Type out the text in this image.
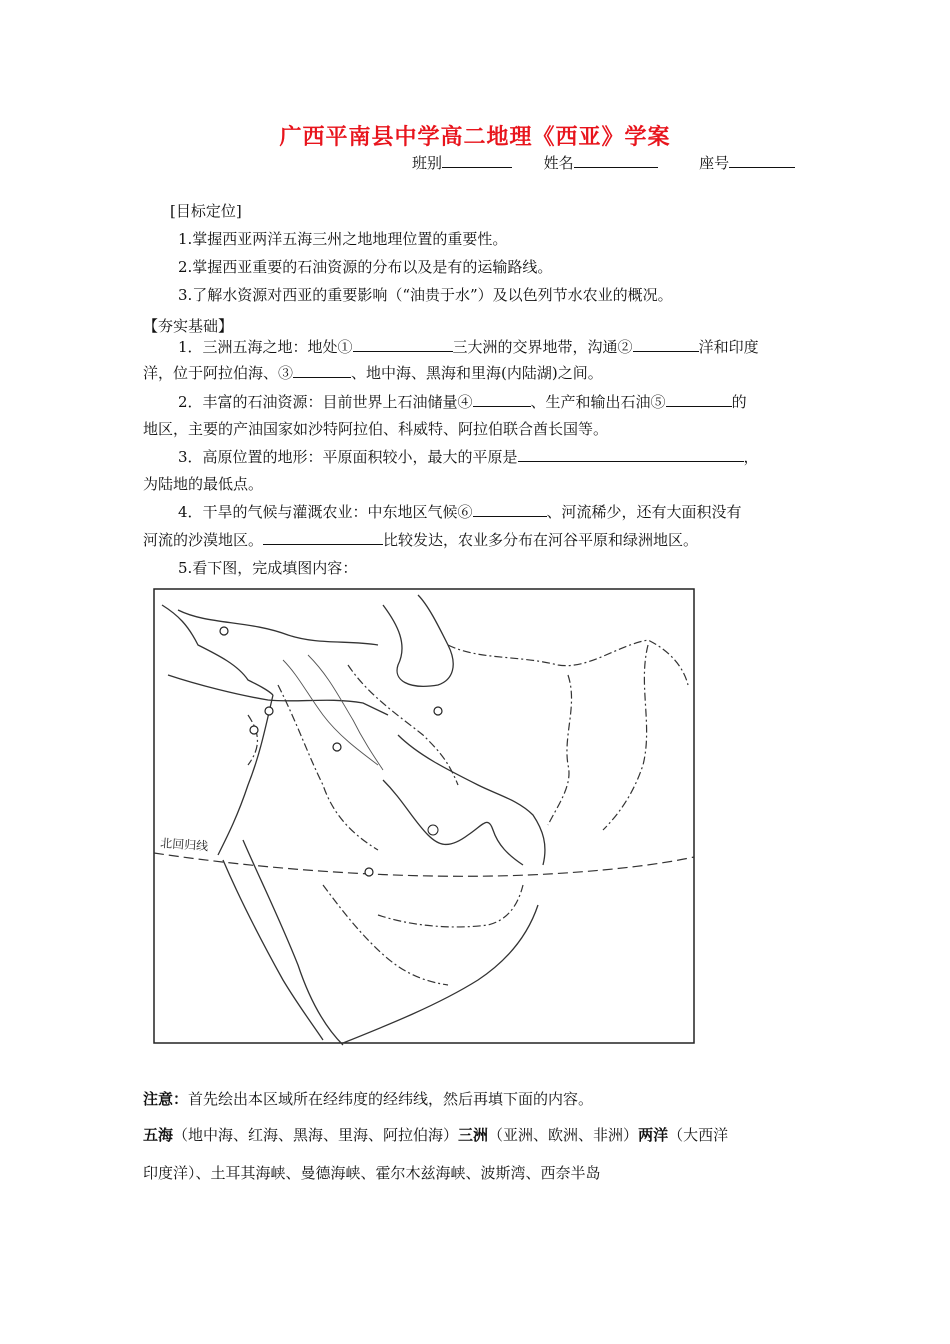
广西平南县中学高二地理《西亚》学案
班别	姓名	座号
[目标定位]
1.掌握西亚两洋五海三州之地地理位置的重要性。
2.掌握西亚重要的石油资源的分布以及是有的运输路线。
3.了解水资源对西亚的重要影响（“油贵于水”）及以色列节水农业的概况。
【夯实基础】
1．三洲五海之地：地处①	三大洲的交界地带，沟通②	洋和印度
洋，位于阿拉伯海、③	、地中海、黑海和里海(内陆湖)之间。
2．丰富的石油资源：目前世界上石油储量④	、生产和输出石油⑤	的
地区，主要的产油国家如沙特阿拉伯、科威特、阿拉伯联合酋长国等。
3．高原位置的地形：平原面积较小，最大的平原是	，
为陆地的最低点。
4．干旱的气候与灌溉农业：中东地区气候⑥	、河流稀少，还有大面积没有
河流的沙漠地区。	比较发达，农业多分布在河谷平原和绿洲地区。
5.看下图，完成填图内容：
北回归线
注意：首先绘出本区域所在经纬度的经纬线，然后再填下面的内容。
五海（地中海、红海、黑海、里海、阿拉伯海）三洲（亚洲、欧洲、非洲）两洋（大西洋
印度洋）、土耳其海峡、曼德海峡、霍尔木兹海峡、波斯湾、西奈半岛
